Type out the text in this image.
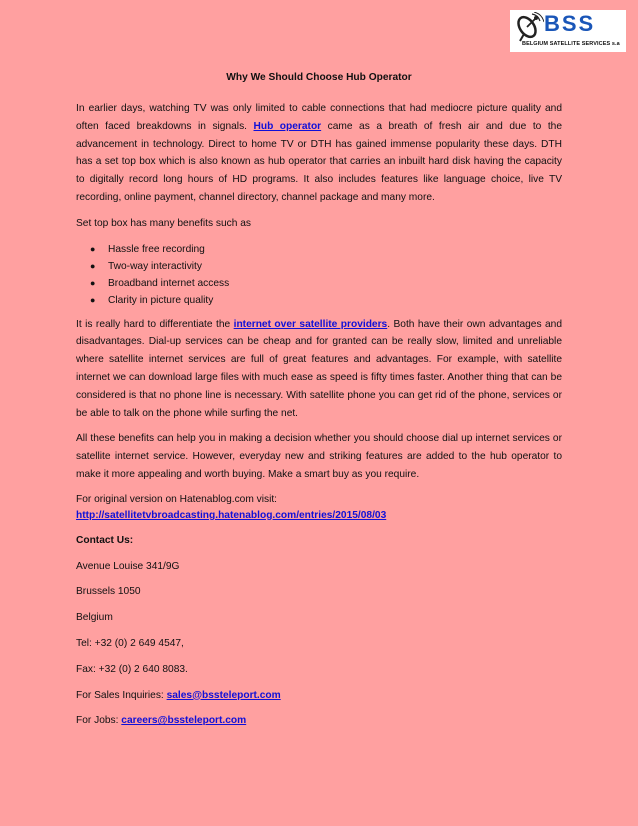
BSS
BELGIUM SATELLITE SERVICES s.a
Why We Should Choose Hub Operator

In earlier days, watching TV was only limited to cable connections that had mediocre picture quality and often faced breakdowns in signals. Hub operator came as a breath of fresh air and due to the advancement in technology. Direct to home TV or DTH has gained immense popularity these days. DTH has a set top box which is also known as hub operator that carries an inbuilt hard disk having the capacity to digitally record long hours of HD programs. It also includes features like language choice, live TV recording, online payment, channel directory, channel package and many more.

Set top box has many benefits such as

● Hassle free recording
● Two-way interactivity
● Broadband internet access
● Clarity in picture quality

It is really hard to differentiate the internet over satellite providers. Both have their own advantages and disadvantages. Dial-up services can be cheap and for granted can be really slow, limited and unreliable where satellite internet services are full of great features and advantages. For example, with satellite internet we can download large files with much ease as speed is fifty times faster. Another thing that can be considered is that no phone line is necessary. With satellite phone you can get rid of the phone, services or be able to talk on the phone while surfing the net.

All these benefits can help you in making a decision whether you should choose dial up internet services or satellite internet service. However, everyday new and striking features are added to the hub operator to make it more appealing and worth buying. Make a smart buy as you require.

For original version on Hatenablog.com visit:
http://satellitetvbroadcasting.hatenablog.com/entries/2015/08/03

Contact Us:

Avenue Louise 341/9G

Brussels 1050

Belgium

Tel: +32 (0) 2 649 4547,

Fax: +32 (0) 2 640 8083.

For Sales Inquiries: sales@bssteleport.com

For Jobs: careers@bssteleport.com
